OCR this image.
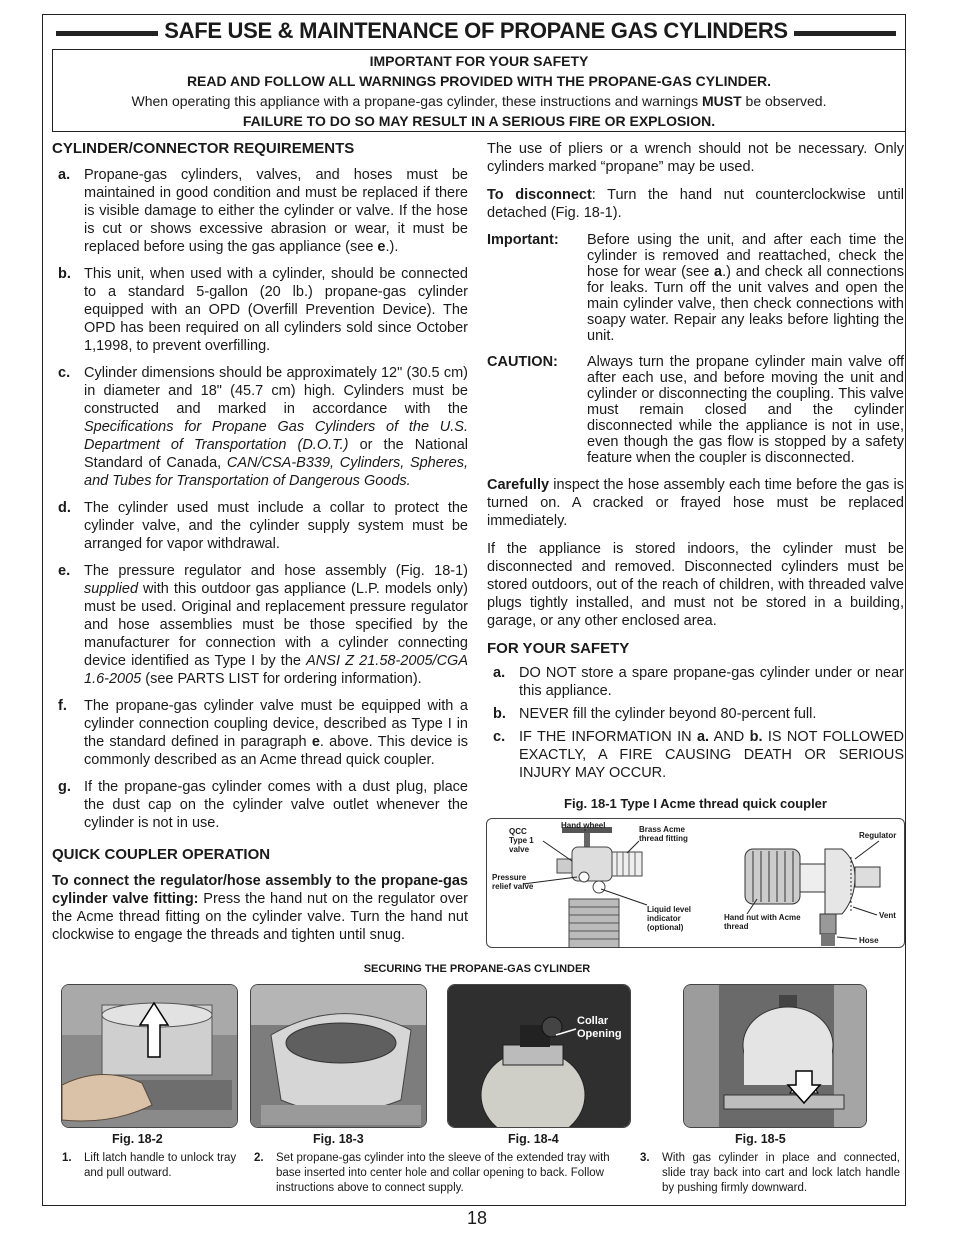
SAFE USE & MAINTENANCE OF PROPANE GAS CYLINDERS
IMPORTANT FOR YOUR SAFETY
READ AND FOLLOW ALL WARNINGS PROVIDED WITH THE PROPANE-GAS CYLINDER.
When operating this appliance with a propane-gas cylinder, these instructions and warnings MUST be observed.
FAILURE TO DO SO MAY RESULT IN A SERIOUS FIRE OR EXPLOSION.
CYLINDER/CONNECTOR REQUIREMENTS
a. Propane-gas cylinders, valves, and hoses must be maintained in good condition and must be replaced if there is visible damage to either the cylinder or valve. If the hose is cut or shows excessive abrasion or wear, it must be replaced before using the gas appliance (see e.).
b. This unit, when used with a cylinder, should be connected to a standard 5-gallon (20 lb.) propane-gas cylinder equipped with an OPD (Overfill Prevention Device). The OPD has been required on all cylinders sold since October 1,1998, to prevent overfilling.
c. Cylinder dimensions should be approximately 12" (30.5 cm) in diameter and 18" (45.7 cm) high. Cylinders must be constructed and marked in accordance with the Specifications for Propane Gas Cylinders of the U.S. Department of Transportation (D.O.T.) or the National Standard of Canada, CAN/CSA-B339, Cylinders, Spheres, and Tubes for Transportation of Dangerous Goods.
d. The cylinder used must include a collar to protect the cylinder valve, and the cylinder supply system must be arranged for vapor withdrawal.
e. The pressure regulator and hose assembly (Fig. 18-1) supplied with this outdoor gas appliance (L.P. models only) must be used. Original and replacement pressure regulator and hose assemblies must be those specified by the manufacturer for connection with a cylinder connecting device identified as Type I by the ANSI Z 21.58-2005/CGA 1.6-2005 (see PARTS LIST for ordering information).
f.	The propane-gas cylinder valve must be equipped with a cylinder connection coupling device, described as Type I in the standard defined in paragraph e. above. This device is commonly described as an Acme thread quick coupler.
g. If the propane-gas cylinder comes with a dust plug, place the dust cap on the cylinder valve outlet whenever the cylinder is not in use.
QUICK COUPLER OPERATION

To connect the regulator/hose assembly to the propane-gas cylinder valve fitting: Press the hand nut on the regulator over the Acme thread fitting on the cylinder valve. Turn the hand nut clockwise to engage the threads and tighten until snug.

The use of pliers or a wrench should not be necessary. Only cylinders marked “propane” may be used.

To disconnect: Turn the hand nut counterclockwise until detached (Fig. 18-1).

Important:	Before using the unit, and after each time the cylinder is removed and reattached, check the hose for wear (see a.) and check all connections for leaks. Turn off the unit valves and open the main cylinder valve, then check connections with soapy water. Repair any leaks before lighting the unit.
CAUTION:	Always turn the propane cylinder main valve off after each use, and before moving the unit and cylinder or disconnecting the coupling. This valve must remain closed and the cylinder disconnected while the appliance is not in use, even though the gas flow is stopped by a safety feature when the coupler is disconnected.

Carefully inspect the hose assembly each time before the gas is turned on. A cracked or frayed hose must be replaced immediately.

If the appliance is stored indoors, the cylinder must be disconnected and removed. Disconnected cylinders must be stored outdoors, out of the reach of children, with threaded valve plugs tightly installed, and must not be stored in a building, garage, or any other enclosed area.

FOR YOUR SAFETY
a. DO NOT store a spare propane-gas cylinder under or near this appliance.
b. NEVER fill the cylinder beyond 80-percent full.
c. IF THE INFORMATION IN a. AND b. IS NOT FOLLOWED EXACTLY, A FIRE CAUSING DEATH OR SERIOUS INJURY MAY OCCUR.
Fig. 18-1 Type I Acme thread quick coupler
Hand wheel
QCC Type 1 valve
Brass Acme thread fitting
Pressure relief valve
Liquid level indicator (optional)
Regulator
Hand nut with Acme thread
Vent
Hose
SECURING THE PROPANE-GAS CYLINDER
Collar Opening
Fig. 18-2	Fig. 18-3	Fig. 18-4	Fig. 18-5
1.	Lift latch handle to unlock tray and pull outward.
2.	Set propane-gas cylinder into the sleeve of the extended tray with base inserted into center hole and collar opening to back. Follow instructions above to connect supply.
3.	With gas cylinder in place and connected, slide tray back into cart and lock latch handle by pushing firmly downward.
18
